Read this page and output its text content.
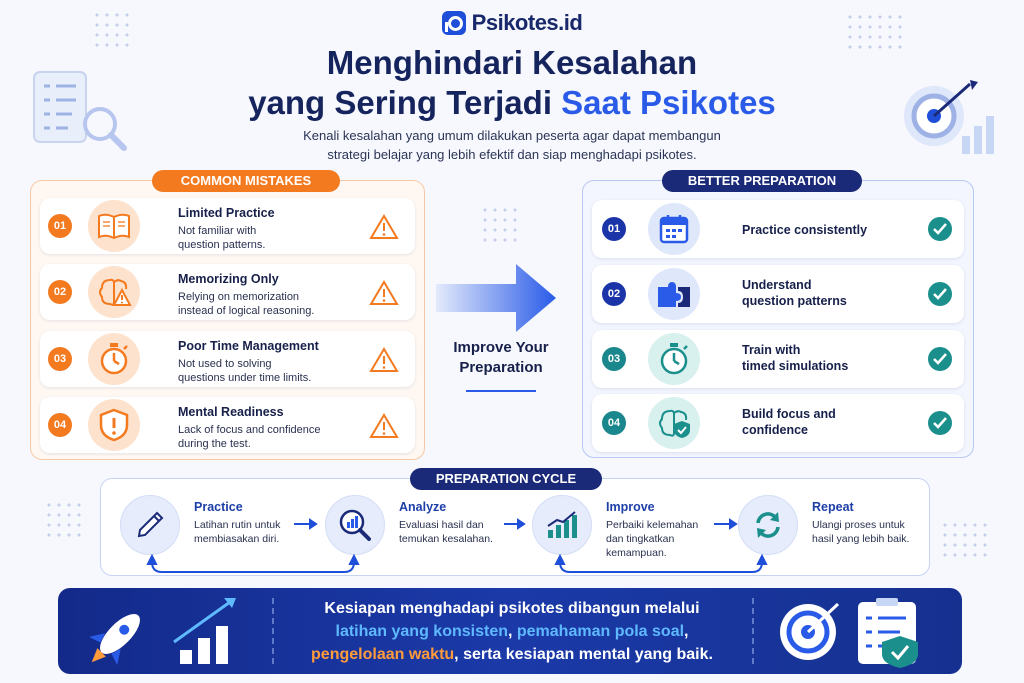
Psikotes.id
Menghindari Kesalahan
yang Sering Terjadi Saat Psikotes
Kenali kesalahan yang umum dilakukan peserta agar dapat membangun
strategi belajar yang lebih efektif dan siap menghadapi psikotes.
COMMON MISTAKES
01
Limited Practice
Not familiar with
question patterns.
02
Memorizing Only
Relying on memorization
instead of logical reasoning.
03
Poor Time Management
Not used to solving
questions under time limits.
04
Mental Readiness
Lack of focus and confidence
during the test.
Improve Your
Preparation
BETTER PREPARATION
01	Practice consistently
02
Understand
question patterns
03
Train with
timed simulations
04
Build focus and
confidence
PREPARATION CYCLE
Practice
Latihan rutin untuk
membiasakan diri.
Analyze
Evaluasi hasil dan
temukan kesalahan.
Improve
Perbaiki kelemahan
dan tingkatkan
kemampuan.
Repeat
Ulangi proses untuk
hasil yang lebih baik.
Kesiapan menghadapi psikotes dibangun melalui
latihan yang konsisten, pemahaman pola soal,
pengelolaan waktu, serta kesiapan mental yang baik.
